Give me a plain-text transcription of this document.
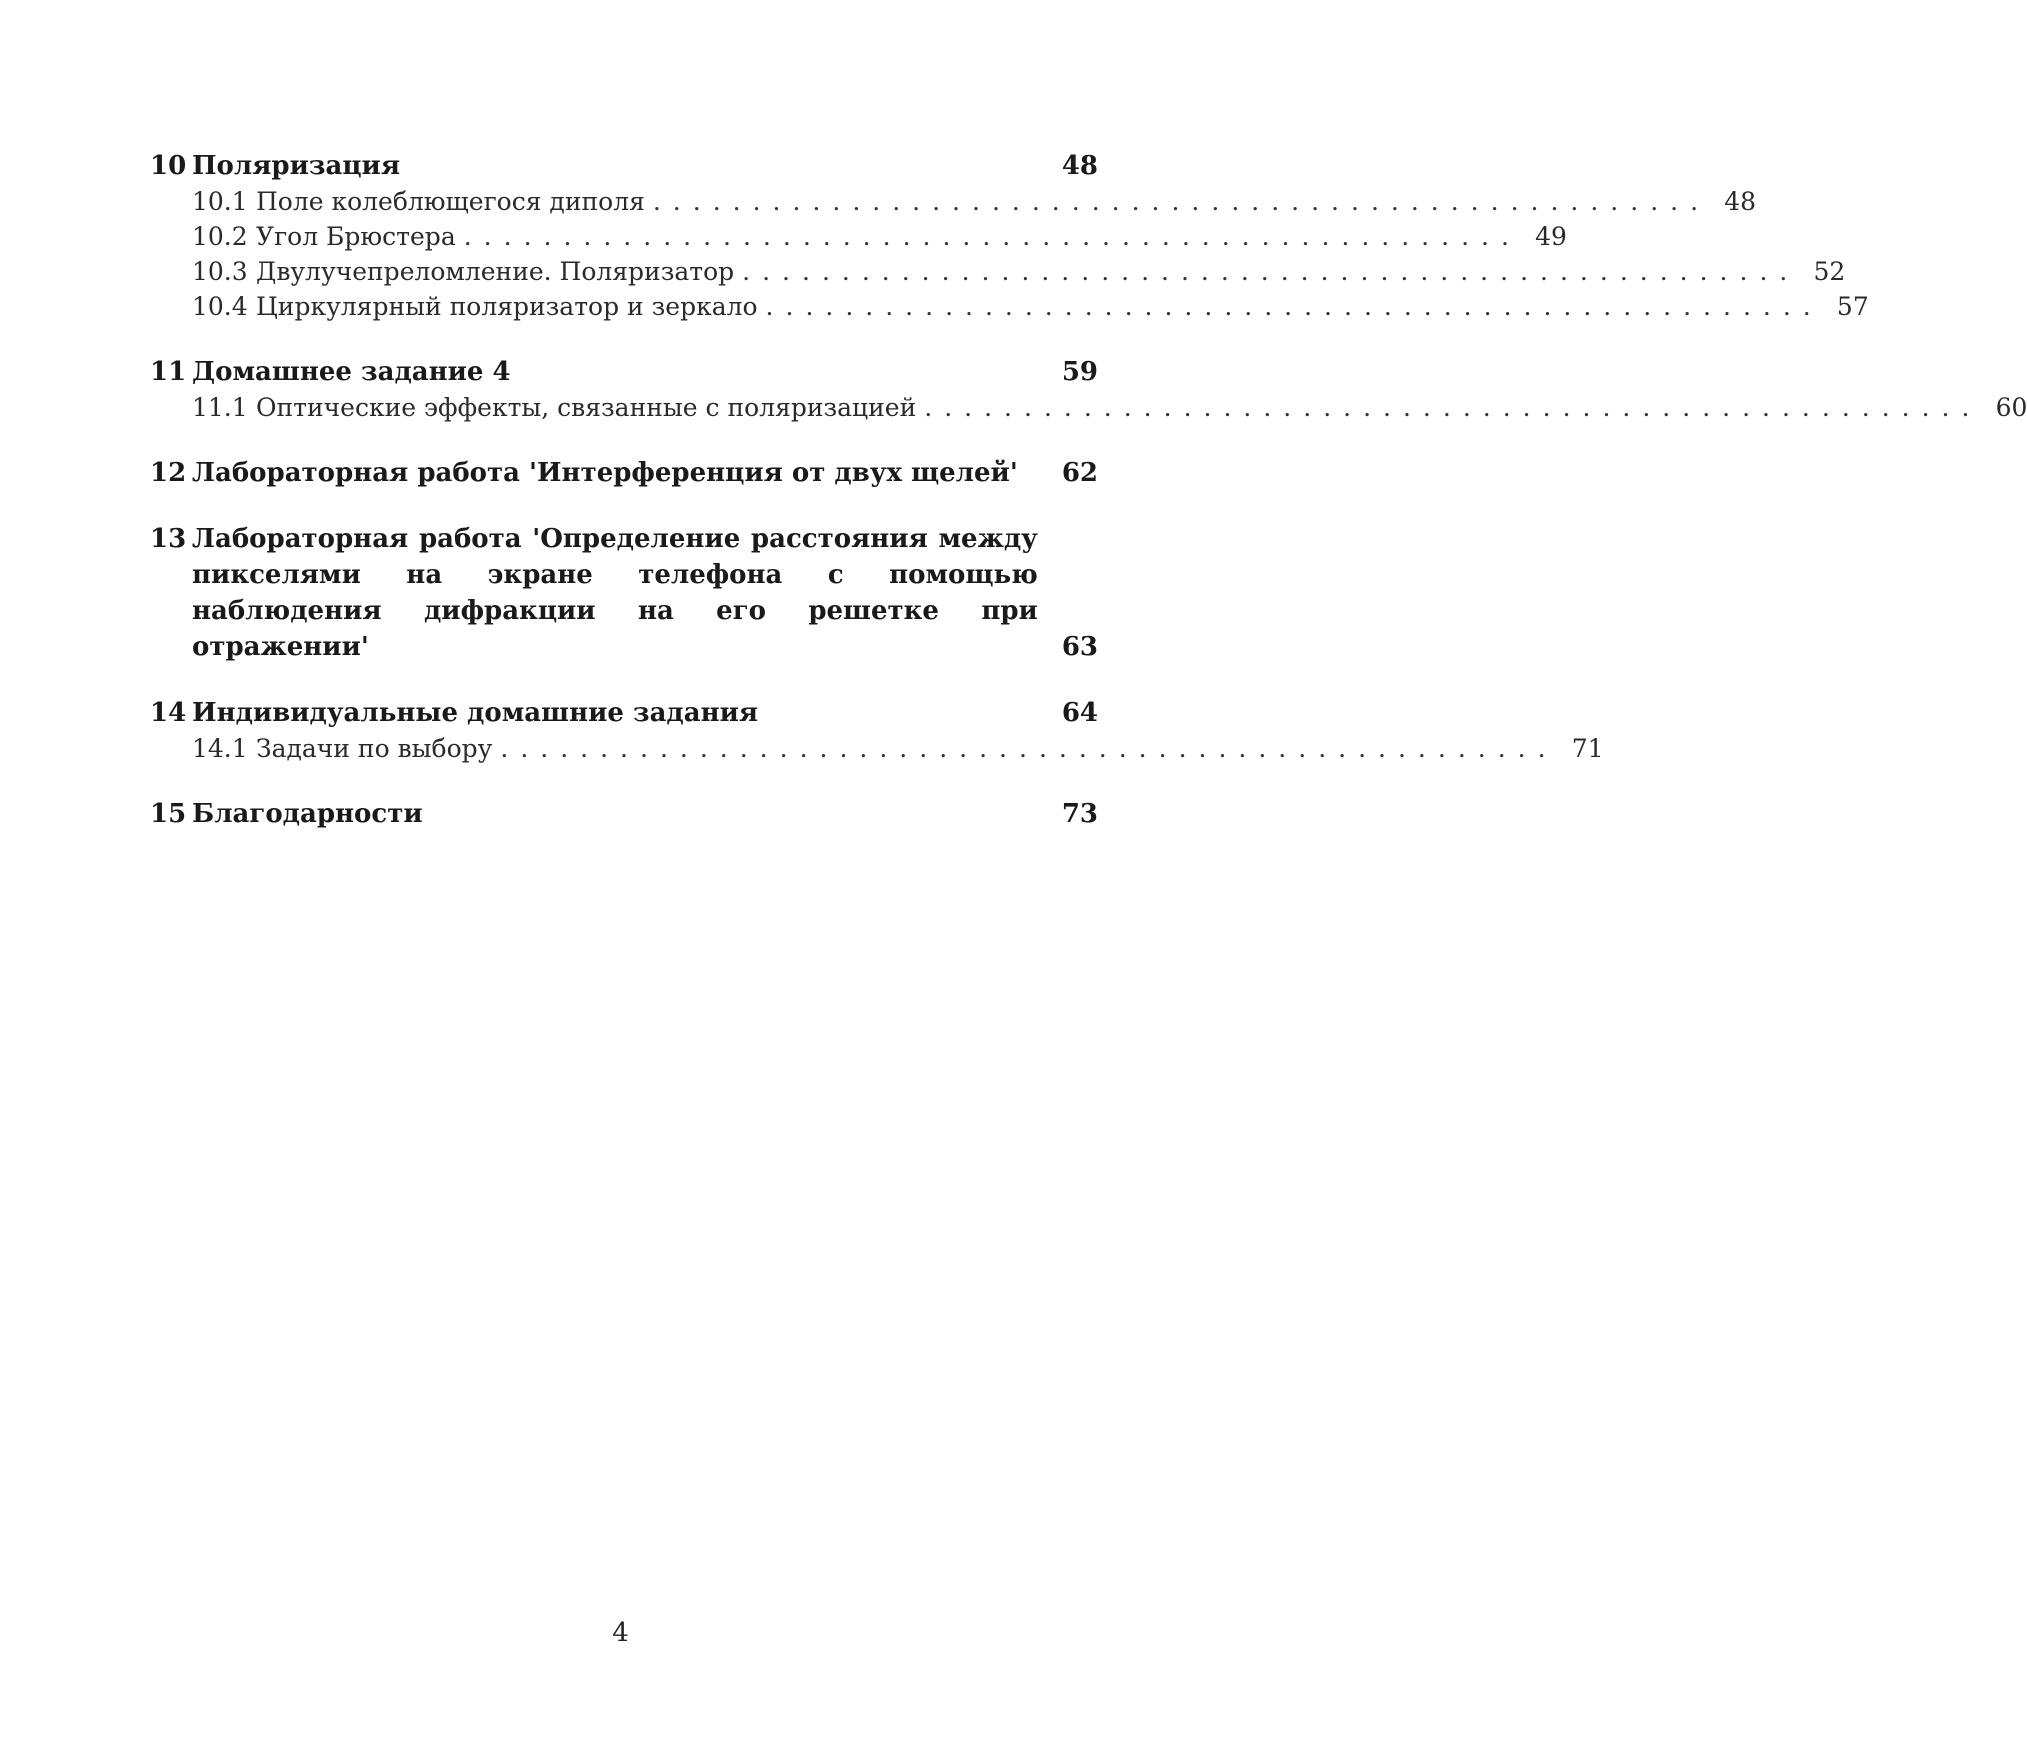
10 Поляризация	48
10.1 Поле колеблющегося диполя ..................................................... 48
10.2 Угол Брюстера ..................................................... 49
10.3 Двулучепреломление. Поляризатор ..................................................... 52
10.4 Циркулярный поляризатор и зеркало ..................................................... 57
11 Домашнее задание 4	59
11.1 Оптические эффекты, связанные с поляризацией ..................................................... 60
12 Лабораторная работа 'Интерференция от двух щелей'	62
13 Лабораторная работа 'Определение расстояния между пикселями на экране телефона с помощью наблюдения дифракции на его решетке при отражении'	63
14 Индивидуальные домашние задания	64
14.1 Задачи по выбору ..................................................... 71
15 Благодарности	73
4
